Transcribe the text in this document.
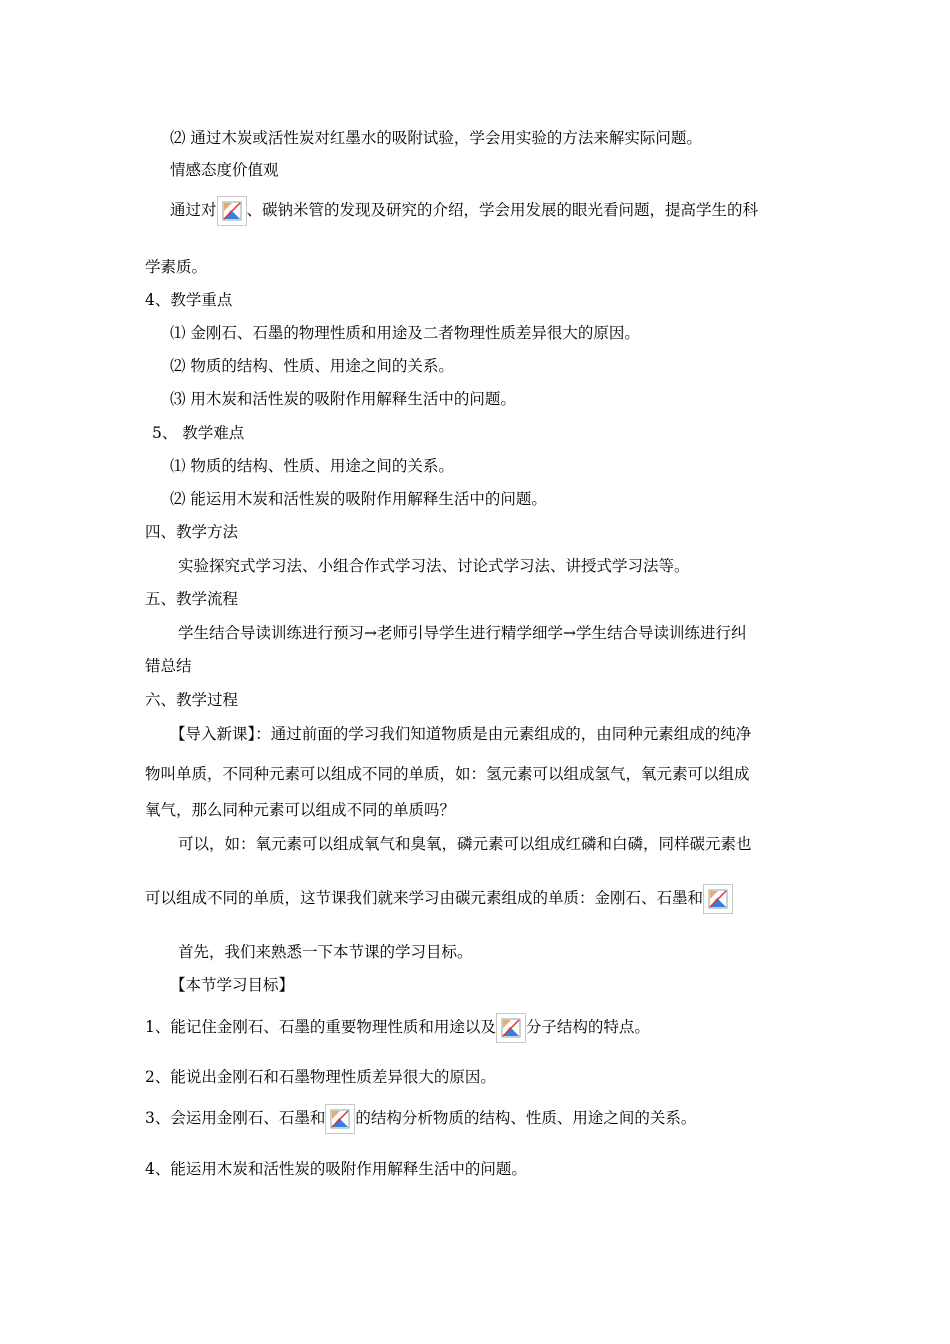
⑵ 通过木炭或活性炭对红墨水的吸附试验，学会用实验的方法来解实际问题。
情感态度价值观
通过对 、碳钠米管的发现及研究的介绍，学会用发展的眼光看问题，提高学生的科
学素质。
4、教学重点
⑴ 金刚石、石墨的物理性质和用途及二者物理性质差异很大的原因。
⑵ 物质的结构、性质、用途之间的关系。
⑶ 用木炭和活性炭的吸附作用解释生活中的问题。
5、 教学难点
⑴ 物质的结构、性质、用途之间的关系。
⑵ 能运用木炭和活性炭的吸附作用解释生活中的问题。
四、教学方法
实验探究式学习法、小组合作式学习法、讨论式学习法、讲授式学习法等。
五、教学流程
学生结合导读训练进行预习→老师引导学生进行精学细学→学生结合导读训练进行纠
错总结
六、教学过程
【导入新课】：通过前面的学习我们知道物质是由元素组成的，由同种元素组成的纯净
物叫单质，不同种元素可以组成不同的单质，如：氢元素可以组成氢气，氧元素可以组成
氧气，那么同种元素可以组成不同的单质吗？
可以，如：氧元素可以组成氧气和臭氧，磷元素可以组成红磷和白磷，同样碳元素也
可以组成不同的单质，这节课我们就来学习由碳元素组成的单质：金刚石、石墨和
首先，我们来熟悉一下本节课的学习目标。
【本节学习目标】
1、能记住金刚石、石墨的重要物理性质和用途以及 分子结构的特点。
2、能说出金刚石和石墨物理性质差异很大的原因。
3、会运用金刚石、石墨和 的结构分析物质的结构、性质、用途之间的关系。
4、能运用木炭和活性炭的吸附作用解释生活中的问题。
